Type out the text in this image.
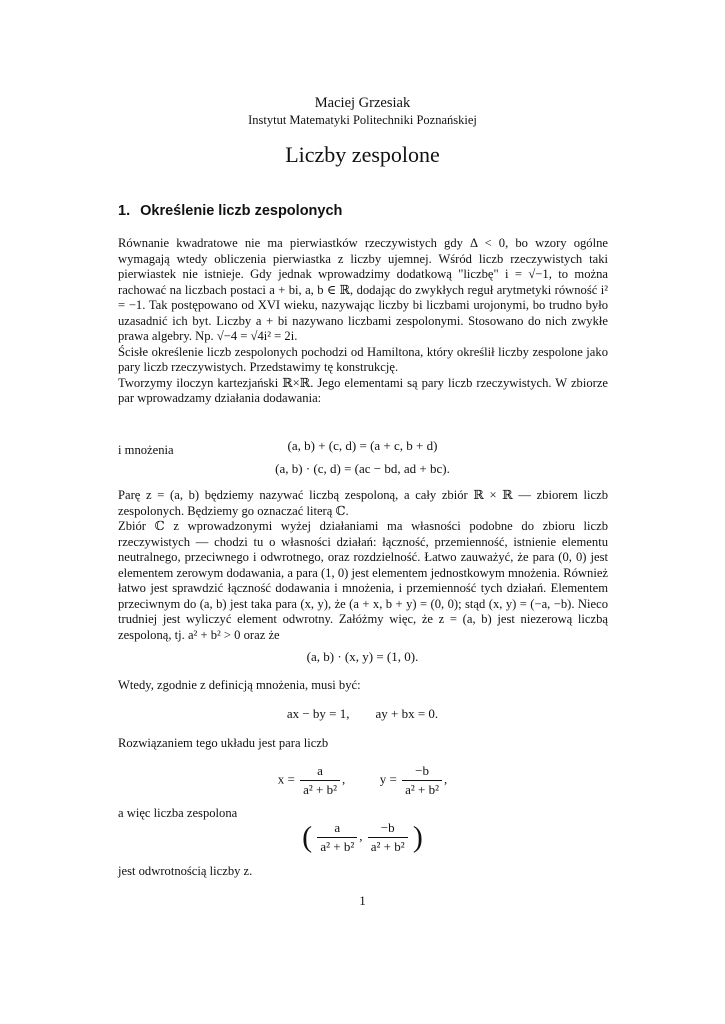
Maciej Grzesiak
Instytut Matematyki Politechniki Poznańskiej
Liczby zespolone
1. Określenie liczb zespolonych
Równanie kwadratowe nie ma pierwiastków rzeczywistych gdy Δ < 0, bo wzory ogólne wymagają wtedy obliczenia pierwiastka z liczby ujemnej. Wśród liczb rzeczywistych taki pierwiastek nie istnieje. Gdy jednak wprowadzimy dodatkową "liczbę" i = √−1, to można rachować na liczbach postaci a + bi, a, b ∈ ℝ, dodając do zwykłych reguł arytmetyki równość i² = −1. Tak postępowano od XVI wieku, nazywając liczby bi liczbami urojonymi, bo trudno było uzasadnić ich byt. Liczby a + bi nazywano liczbami zespolonymi. Stosowano do nich zwykłe prawa algebry. Np. √−4 = √4i² = 2i.
Ścisłe określenie liczb zespolonych pochodzi od Hamiltona, który określił liczby zespolone jako pary liczb rzeczywistych. Przedstawimy tę konstrukcję.
Tworzymy iloczyn kartezjański ℝ×ℝ. Jego elementami są pary liczb rzeczywistych. W zbiorze par wprowadzamy działania dodawania:
(a, b) + (c, d) = (a + c, b + d)
i mnożenia
(a, b) · (c, d) = (ac − bd, ad + bc).
Parę z = (a, b) będziemy nazywać liczbą zespoloną, a cały zbiór ℝ × ℝ — zbiorem liczb zespolonych. Będziemy go oznaczać literą ℂ.
Zbiór ℂ z wprowadzonymi wyżej działaniami ma własności podobne do zbioru liczb rzeczywistych — chodzi tu o własności działań: łączność, przemienność, istnienie elementu neutralnego, przeciwnego i odwrotnego, oraz rozdzielność. Łatwo zauważyć, że para (0, 0) jest elementem zerowym dodawania, a para (1, 0) jest elementem jednostkowym mnożenia. Również łatwo jest sprawdzić łączność dodawania i mnożenia, i przemienność tych działań. Elementem przeciwnym do (a, b) jest taka para (x, y), że (a + x, b + y) = (0, 0); stąd (x, y) = (−a, −b). Nieco trudniej jest wyliczyć element odwrotny. Załóżmy więc, że z = (a, b) jest niezerową liczbą zespoloną, tj. a² + b² > 0 oraz że
(a, b) · (x, y) = (1, 0).
Wtedy, zgodnie z definicją mnożenia, musi być:
ax − by = 1,        ay + bx = 0.
Rozwiązaniem tego układu jest para liczb
$x = \frac{a}{\text{a² + b²}}$ ,	$y = \frac{-b}{\text{a² + b²}}$ ,
a więc liczba zespolona
( $\frac{a}{\text{a² + b²}}$ , $\frac{-b}{\text{a² + b²}}$ )
jest odwrotnością liczby z.
1
